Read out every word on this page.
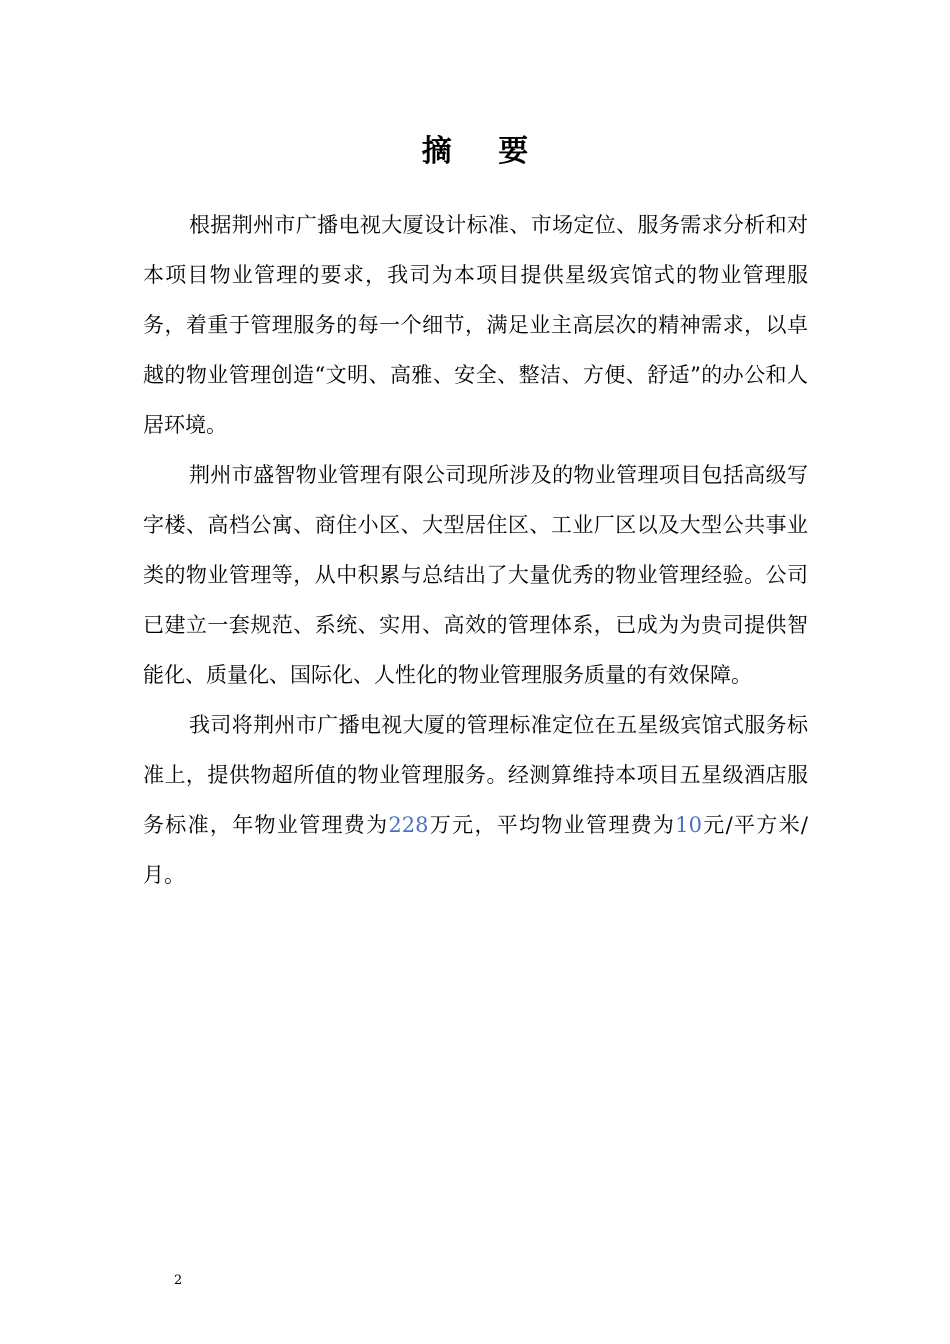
摘 要

根据荆州市广播电视大厦设计标准、市场定位、服务需求分析和对本项目物业管理的要求，我司为本项目提供星级宾馆式的物业管理服务，着重于管理服务的每一个细节，满足业主高层次的精神需求，以卓越的物业管理创造“文明、高雅、安全、整洁、方便、舒适”的办公和人居环境。

荆州市盛智物业管理有限公司现所涉及的物业管理项目包括高级写字楼、高档公寓、商住小区、大型居住区、工业厂区以及大型公共事业类的物业管理等，从中积累与总结出了大量优秀的物业管理经验。公司已建立一套规范、系统、实用、高效的管理体系，已成为为贵司提供智能化、质量化、国际化、人性化的物业管理服务质量的有效保障。

我司将荆州市广播电视大厦的管理标准定位在五星级宾馆式服务标准上，提供物超所值的物业管理服务。经测算维持本项目五星级酒店服务标准，年物业管理费为228万元，平均物业管理费为10元/平方米/月。

2
